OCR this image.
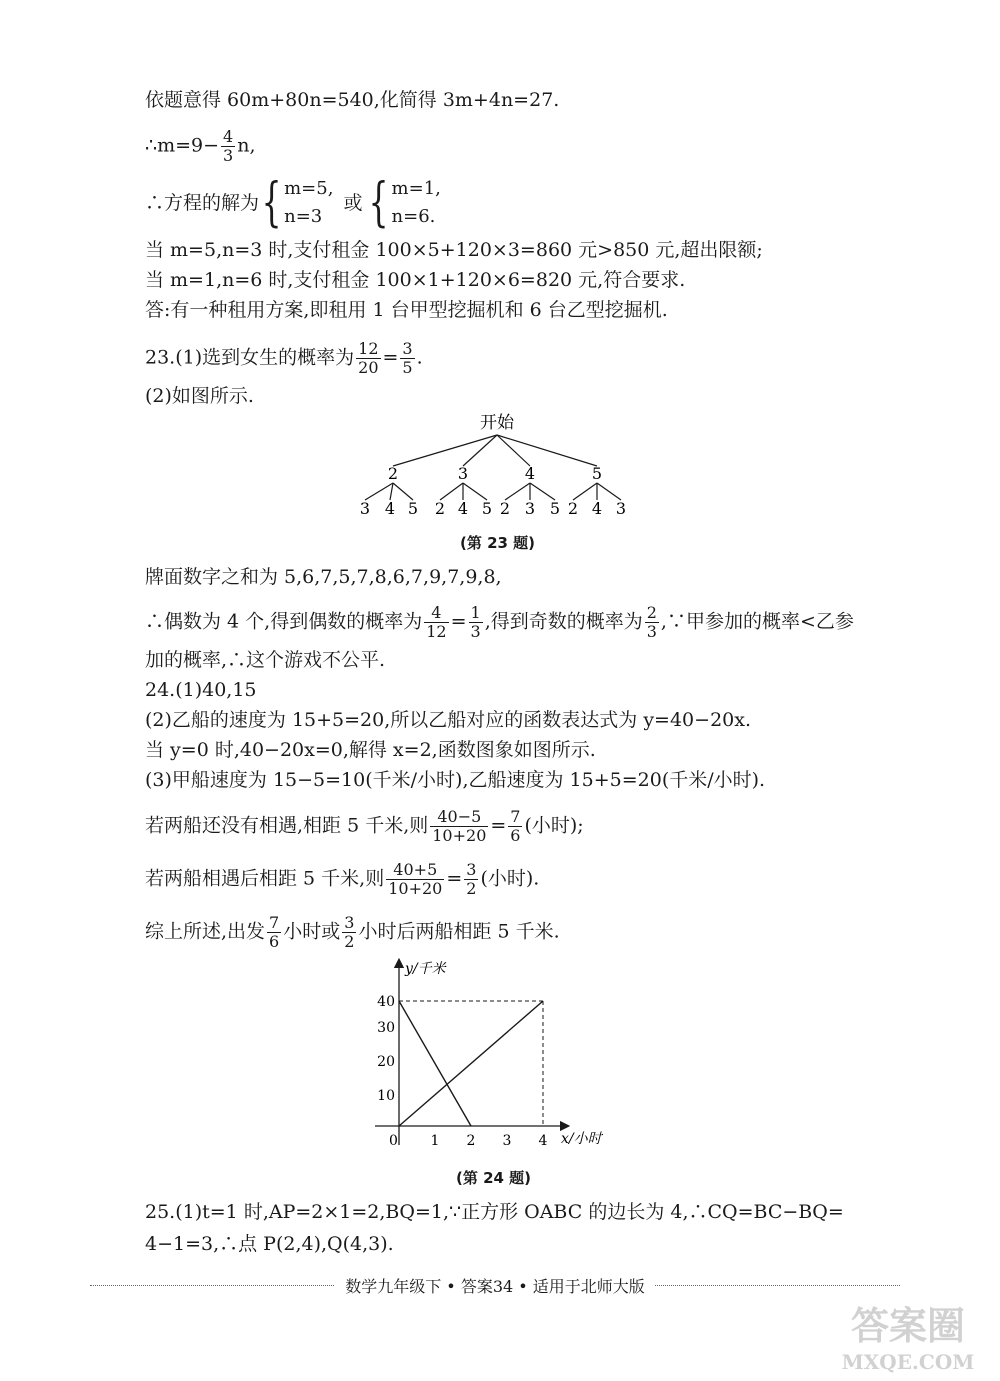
依题意得 60m+80n=540,化简得 3m+4n=27.
∴m=9− $\frac{4}{3} n$,
∴方程的解为{ m=5,
n=3
或 { m=1,
n=6.
当 m=5,n=3 时,支付租金 100×5+120×3=860 元>850 元,超出限额;
当 m=1,n=6 时,支付租金 100×1+120×6=820 元,符合要求.
答:有一种租用方案,即租用 1 台甲型挖掘机和 6 台乙型挖掘机.
23.(1)选到女生的概率为 $\frac{12}{20} = \frac{3}{5}$ .
(2)如图所示.
开始
2	3	4	5
3 4 5 2 4 5 2 3 5 2 4 3
(第 23 题)
牌面数字之和为 5,6,7,5,7,8,6,7,9,7,9,8,
∴偶数为 4 个,得到偶数的概率为 $\frac{4}{12} = \frac{1}{3}$ ,得到奇数的概率为 $\frac{2}{3}$ ,∵甲参加的概率<乙参
加的概率,∴这个游戏不公平.
24.(1)40,15
(2)乙船的速度为 15+5=20,所以乙船对应的函数表达式为 y=40−20x.
当 y=0 时,40−20x=0,解得 x=2,函数图象如图所示.
(3)甲船速度为 15−5=10(千米/小时),乙船速度为 15+5=20(千米/小时).
若两船还没有相遇,相距 5 千米,则 $\frac{40-5}{10+20} = \frac{7}{6}$ (小时);
若两船相遇后相距 5 千米,则 $\frac{40+5}{10+20} = \frac{3}{2}$ (小时).
综上所述,出发 $\frac{7}{6}$ 小时或 $\frac{3}{2}$ 小时后两船相距 5 千米.
y/千米
x/小时
0 1 2 3 4
10
20
30
40
(第 24 题)
25.(1)t=1 时,AP=2×1=2,BQ=1,∵正方形 OABC 的边长为 4,∴CQ=BC−BQ=
4−1=3,∴点 P(2,4),Q(4,3).
数学九年级下 • 答案34 • 适用于北师大版
答案圈
MXQE.COM
